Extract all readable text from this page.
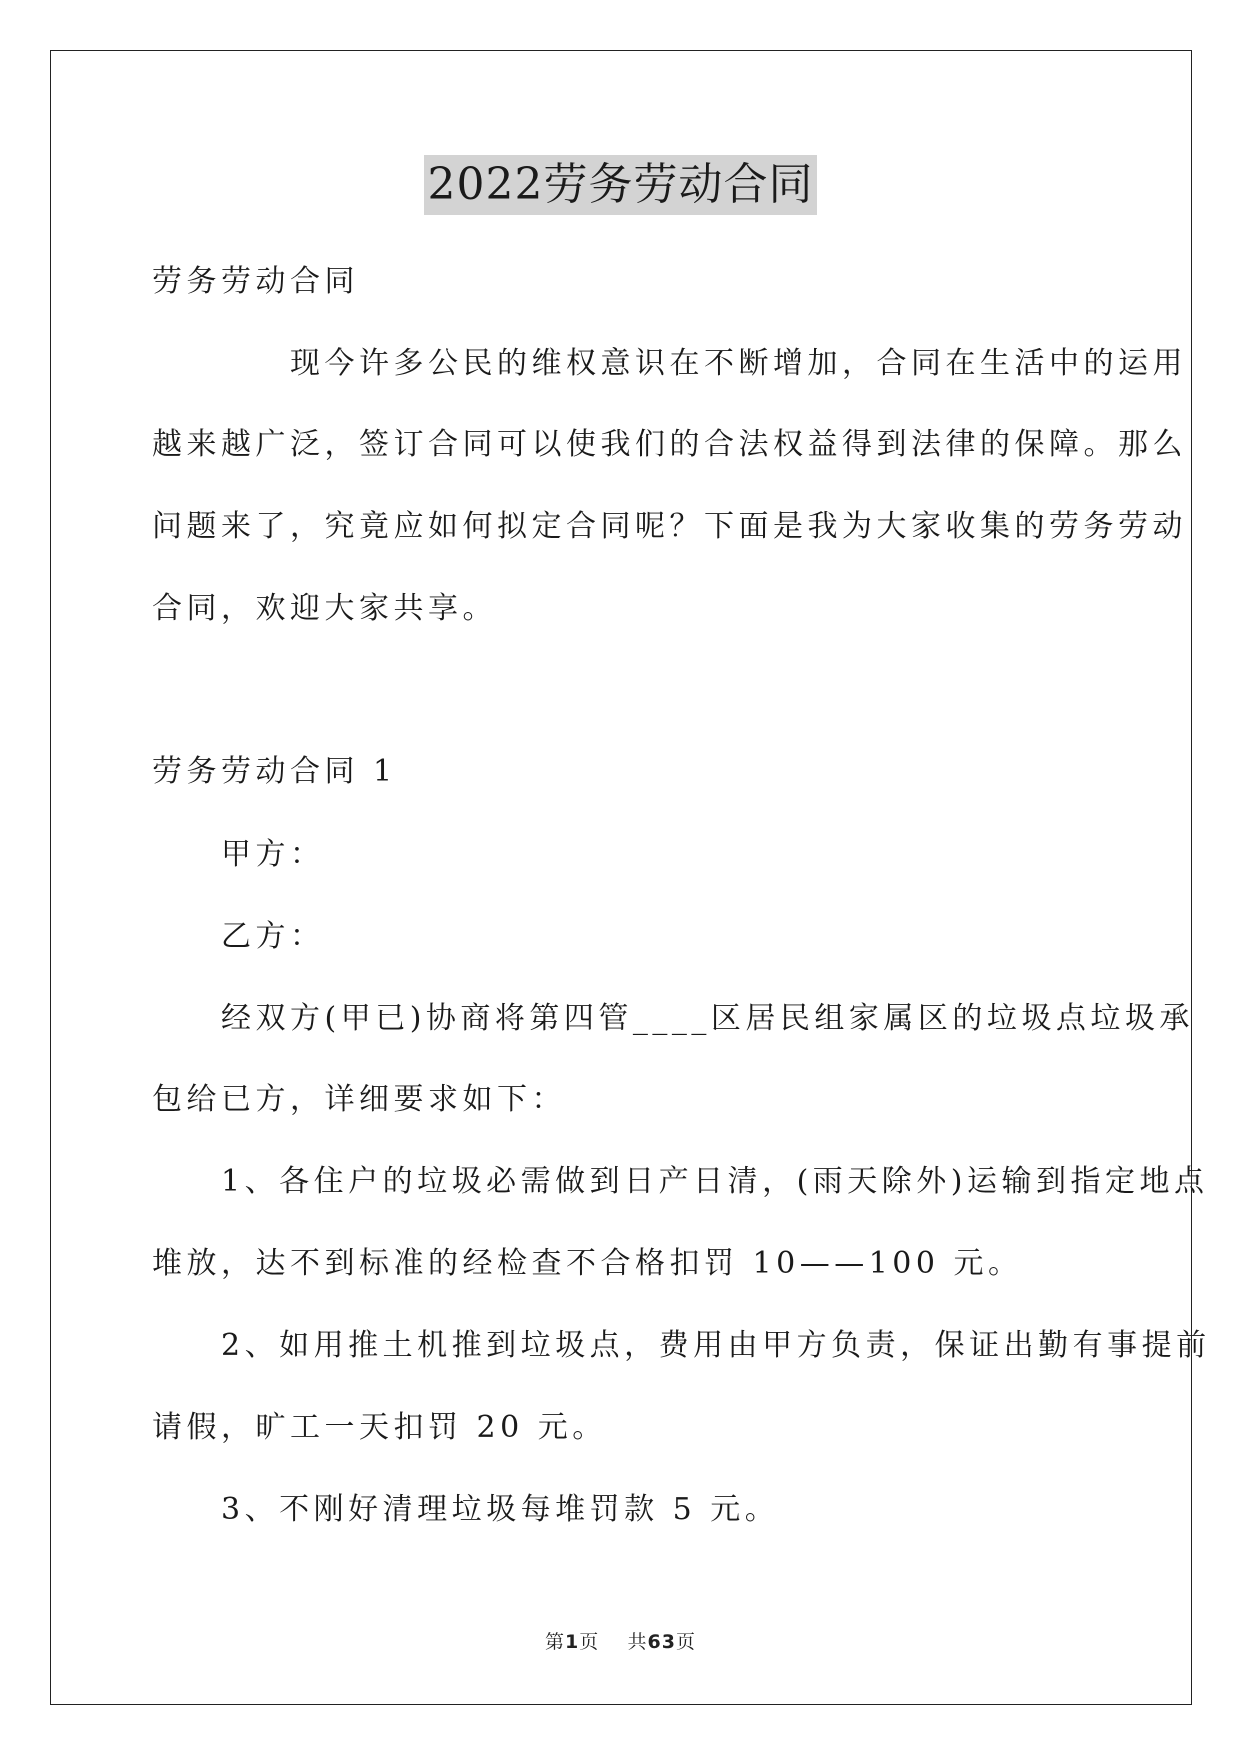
2022劳务劳动合同
劳务劳动合同
　　　　现今许多公民的维权意识在不断增加，合同在生活中的运用
越来越广泛，签订合同可以使我们的合法权益得到法律的保障。那么
问题来了，究竟应如何拟定合同呢？下面是我为大家收集的劳务劳动
合同，欢迎大家共享。
劳务劳动合同 1
　　甲方：
　　乙方：
　　经双方(甲已)协商将第四管____区居民组家属区的垃圾点垃圾承
包给已方，详细要求如下：
　　1、各住户的垃圾必需做到日产日清，(雨天除外)运输到指定地点
堆放，达不到标准的经检查不合格扣罚 10——100 元。
　　2、如用推土机推到垃圾点，费用由甲方负责，保证出勤有事提前
请假，旷工一天扣罚 20 元。
　　3、不刚好清理垃圾每堆罚款 5 元。
第1页 共63页
